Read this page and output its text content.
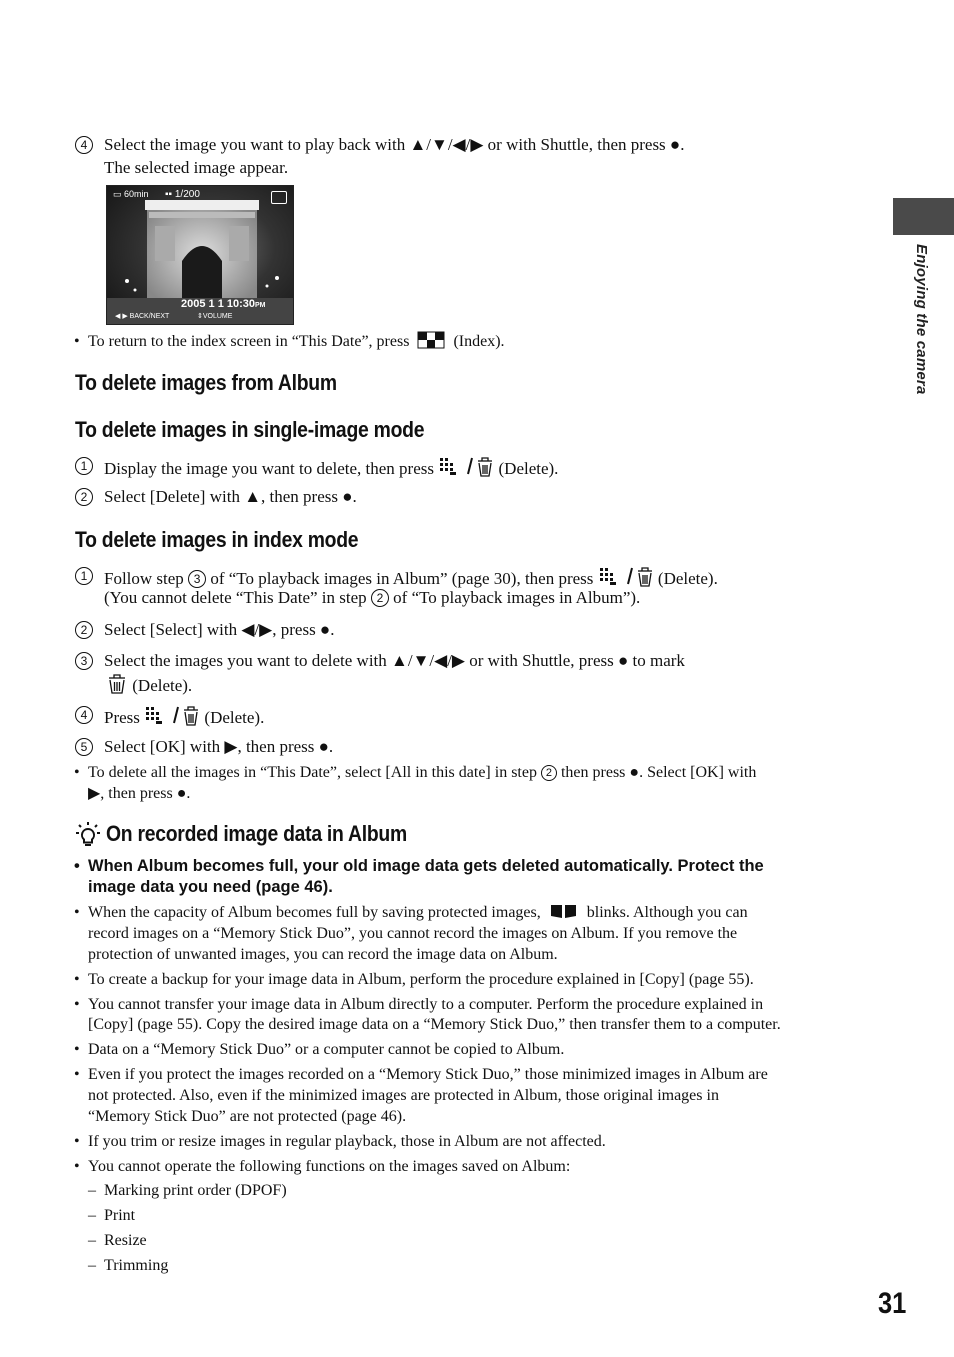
4 Select the image you want to play back with ▲/▼/◀/▶ or with Shuttle, then press ●.
The selected image appear.
▭ 60min ▪▪ 1/200
2005 1 1 10:30PM
◀ ▶ BACK/NEXT	⇕VOLUME
• To return to the index screen in “This Date”, press	(Index).
To delete images from Album
To delete images in single-image mode
1 Display the image you want to delete, then press	(Delete).
2 Select [Delete] with ▲, then press ●.
To delete images in index mode
1 Follow step 3 of “To playback images in Album” (page 30), then press	(Delete).
(You cannot delete “This Date” in step 2 of “To playback images in Album”).
2 Select [Select] with ◀/▶, press ●.
3 Select the images you want to delete with ▲/▼/◀/▶ or with Shuttle, press ● to mark
(Delete).
4 Press	(Delete).
5 Select [OK] with ▶, then press ●.
• To delete all the images in “This Date”, select [All in this date] in step 2 then press ●. Select [OK] with
▶, then press ●.
On recorded image data in Album
• When Album becomes full, your old image data gets deleted automatically. Protect the
image data you need (page 46).
• When the capacity of Album becomes full by saving protected images,	blinks. Although you can
record images on a “Memory Stick Duo”, you cannot record the images on Album. If you remove the
protection of unwanted images, you can record the image data on Album.
• To create a backup for your image data in Album, perform the procedure explained in [Copy] (page 55).
• You cannot transfer your image data in Album directly to a computer. Perform the procedure explained in
[Copy] (page 55). Copy the desired image data on a “Memory Stick Duo,” then transfer them to a computer.
• Data on a “Memory Stick Duo” or a computer cannot be copied to Album.
• Even if you protect the images recorded on a “Memory Stick Duo,” those minimized images in Album are
not protected. Also, even if the minimized images are protected in Album, those original images in
“Memory Stick Duo” are not protected (page 46).
• If you trim or resize images in regular playback, those in Album are not affected.
• You cannot operate the following functions on the images saved on Album:
–  Marking print order (DPOF)
–  Print
–  Resize
–  Trimming
Enjoying the camera
31
